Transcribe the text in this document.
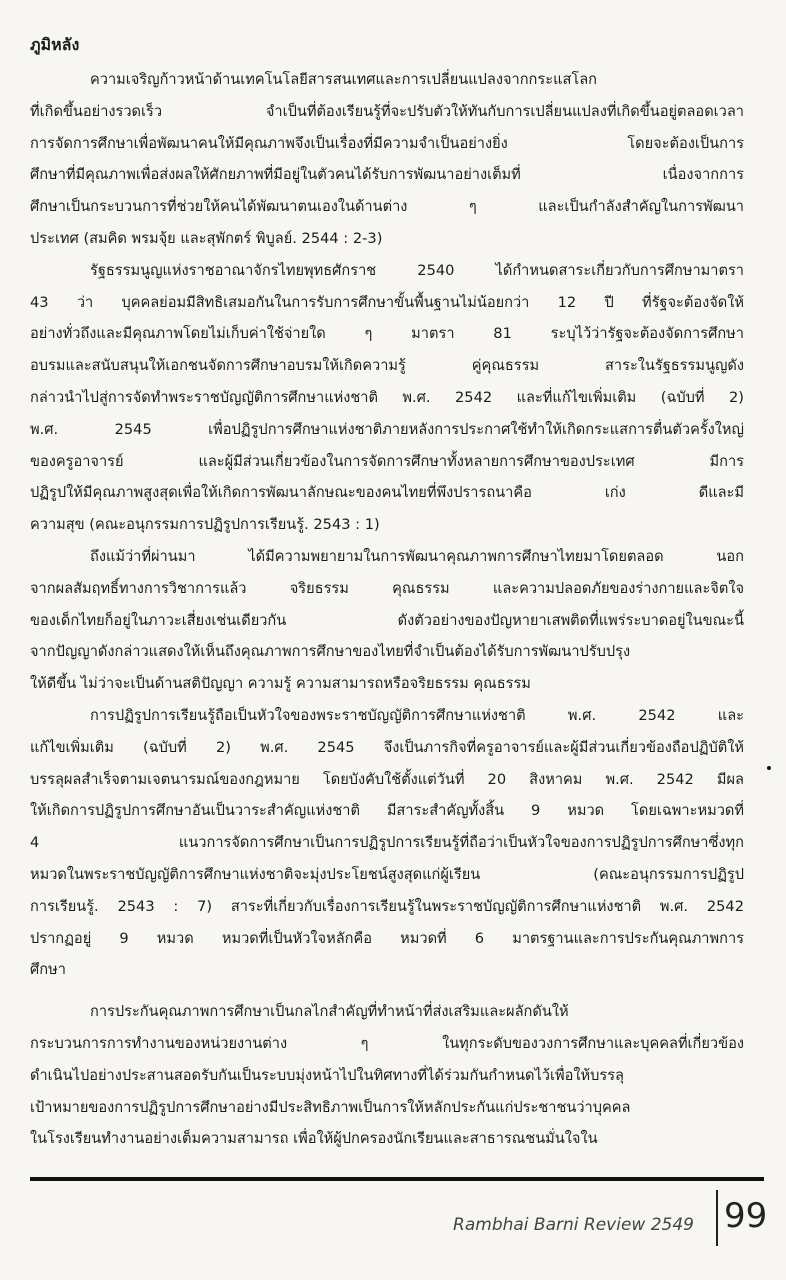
ภูมิหลัง

ความเจริญก้าวหน้าด้านเทคโนโลยีสารสนเทศและการเปลี่ยนแปลงจากกระแสโลก
ที่เกิดขึ้นอย่างรวดเร็ว จำเป็นที่ต้องเรียนรู้ที่จะปรับตัวให้ทันกับการเปลี่ยนแปลงที่เกิดขึ้นอยู่ตลอดเวลา
การจัดการศึกษาเพื่อพัฒนาคนให้มีคุณภาพจึงเป็นเรื่องที่มีความจำเป็นอย่างยิ่ง โดยจะต้องเป็นการ
ศึกษาที่มีคุณภาพเพื่อส่งผลให้ศักยภาพที่มีอยู่ในตัวคนได้รับการพัฒนาอย่างเต็มที่ เนื่องจากการ
ศึกษาเป็นกระบวนการที่ช่วยให้คนได้พัฒนาตนเองในด้านต่าง ๆ และเป็นกำลังสำคัญในการพัฒนา
ประเทศ (สมคิด พรมจุ้ย และสุพักตร์ พิบูลย์. 2544 : 2-3)

รัฐธรรมนูญแห่งราชอาณาจักรไทยพุทธศักราช 2540 ได้กำหนดสาระเกี่ยวกับการศึกษามาตรา
43 ว่า บุคคลย่อมมีสิทธิเสมอกันในการรับการศึกษาขั้นพื้นฐานไม่น้อยกว่า 12 ปี ที่รัฐจะต้องจัดให้
อย่างทั่วถึงและมีคุณภาพโดยไม่เก็บค่าใช้จ่ายใด ๆ มาตรา 81 ระบุไว้ว่ารัฐจะต้องจัดการศึกษา
อบรมและสนับสนุนให้เอกชนจัดการศึกษาอบรมให้เกิดความรู้ คู่คุณธรรม สาระในรัฐธรรมนูญดัง
กล่าวนำไปสู่การจัดทำพระราชบัญญัติการศึกษาแห่งชาติ พ.ศ. 2542 และที่แก้ไขเพิ่มเติม (ฉบับที่ 2)
พ.ศ. 2545 เพื่อปฏิรูปการศึกษาแห่งชาติภายหลังการประกาศใช้ทำให้เกิดกระแสการตื่นตัวครั้งใหญ่
ของครูอาจารย์ และผู้มีส่วนเกี่ยวข้องในการจัดการศึกษาทั้งหลายการศึกษาของประเทศ มีการ
ปฏิรูปให้มีคุณภาพสูงสุดเพื่อให้เกิดการพัฒนาลักษณะของคนไทยที่พึงปรารถนาคือ เก่ง ดีและมี
ความสุข (คณะอนุกรรมการปฏิรูปการเรียนรู้. 2543 : 1)

ถึงแม้ว่าที่ผ่านมา ได้มีความพยายามในการพัฒนาคุณภาพการศึกษาไทยมาโดยตลอด นอก
จากผลสัมฤทธิ์ทางการวิชาการแล้ว จริยธรรม คุณธรรม และความปลอดภัยของร่างกายและจิตใจ
ของเด็กไทยก็อยู่ในภาวะเสี่ยงเช่นเดียวกัน ดังตัวอย่างของปัญหายาเสพติดที่แพร่ระบาดอยู่ในขณะนี้
จากปัญญาดังกล่าวแสดงให้เห็นถึงคุณภาพการศึกษาของไทยที่จำเป็นต้องได้รับการพัฒนาปรับปรุง
ให้ดีขึ้น ไม่ว่าจะเป็นด้านสติปัญญา ความรู้ ความสามารถหรือจริยธรรม คุณธรรม

การปฏิรูปการเรียนรู้ถือเป็นหัวใจของพระราชบัญญัติการศึกษาแห่งชาติ พ.ศ. 2542 และ
แก้ไขเพิ่มเติม (ฉบับที่ 2) พ.ศ. 2545 จึงเป็นภารกิจที่ครูอาจารย์และผู้มีส่วนเกี่ยวข้องถือปฏิบัติให้
บรรลุผลสำเร็จตามเจตนารมณ์ของกฎหมาย โดยบังคับใช้ตั้งแต่วันที่ 20 สิงหาคม พ.ศ. 2542 มีผล
ให้เกิดการปฏิรูปการศึกษาอันเป็นวาระสำคัญแห่งชาติ มีสาระสำคัญทั้งสิ้น 9 หมวด โดยเฉพาะหมวดที่
4 แนวการจัดการศึกษาเป็นการปฏิรูปการเรียนรู้ที่ถือว่าเป็นหัวใจของการปฏิรูปการศึกษาซึ่งทุก
หมวดในพระราชบัญญัติการศึกษาแห่งชาติจะมุ่งประโยชน์สูงสุดแก่ผู้เรียน (คณะอนุกรรมการปฏิรูป
การเรียนรู้. 2543 : 7) สาระที่เกี่ยวกับเรื่องการเรียนรู้ในพระราชบัญญัติการศึกษาแห่งชาติ พ.ศ. 2542
ปรากฏอยู่ 9 หมวด หมวดที่เป็นหัวใจหลักคือ หมวดที่ 6 มาตรฐานและการประกันคุณภาพการ
ศึกษา

การประกันคุณภาพการศึกษาเป็นกลไกสำคัญที่ทำหน้าที่ส่งเสริมและผลักดันให้
กระบวนการการทำงานของหน่วยงานต่าง ๆ ในทุกระดับของวงการศึกษาและบุคคลที่เกี่ยวข้อง
ดำเนินไปอย่างประสานสอดรับกันเป็นระบบมุ่งหน้าไปในทิศทางที่ได้ร่วมกันกำหนดไว้เพื่อให้บรรลุ
เป้าหมายของการปฏิรูปการศึกษาอย่างมีประสิทธิภาพเป็นการให้หลักประกันแก่ประชาชนว่าบุคคล
ในโรงเรียนทำงานอย่างเต็มความสามารถ เพื่อให้ผู้ปกครองนักเรียนและสาธารณชนมั่นใจใน

Rambhai Barni Review 2549 99
